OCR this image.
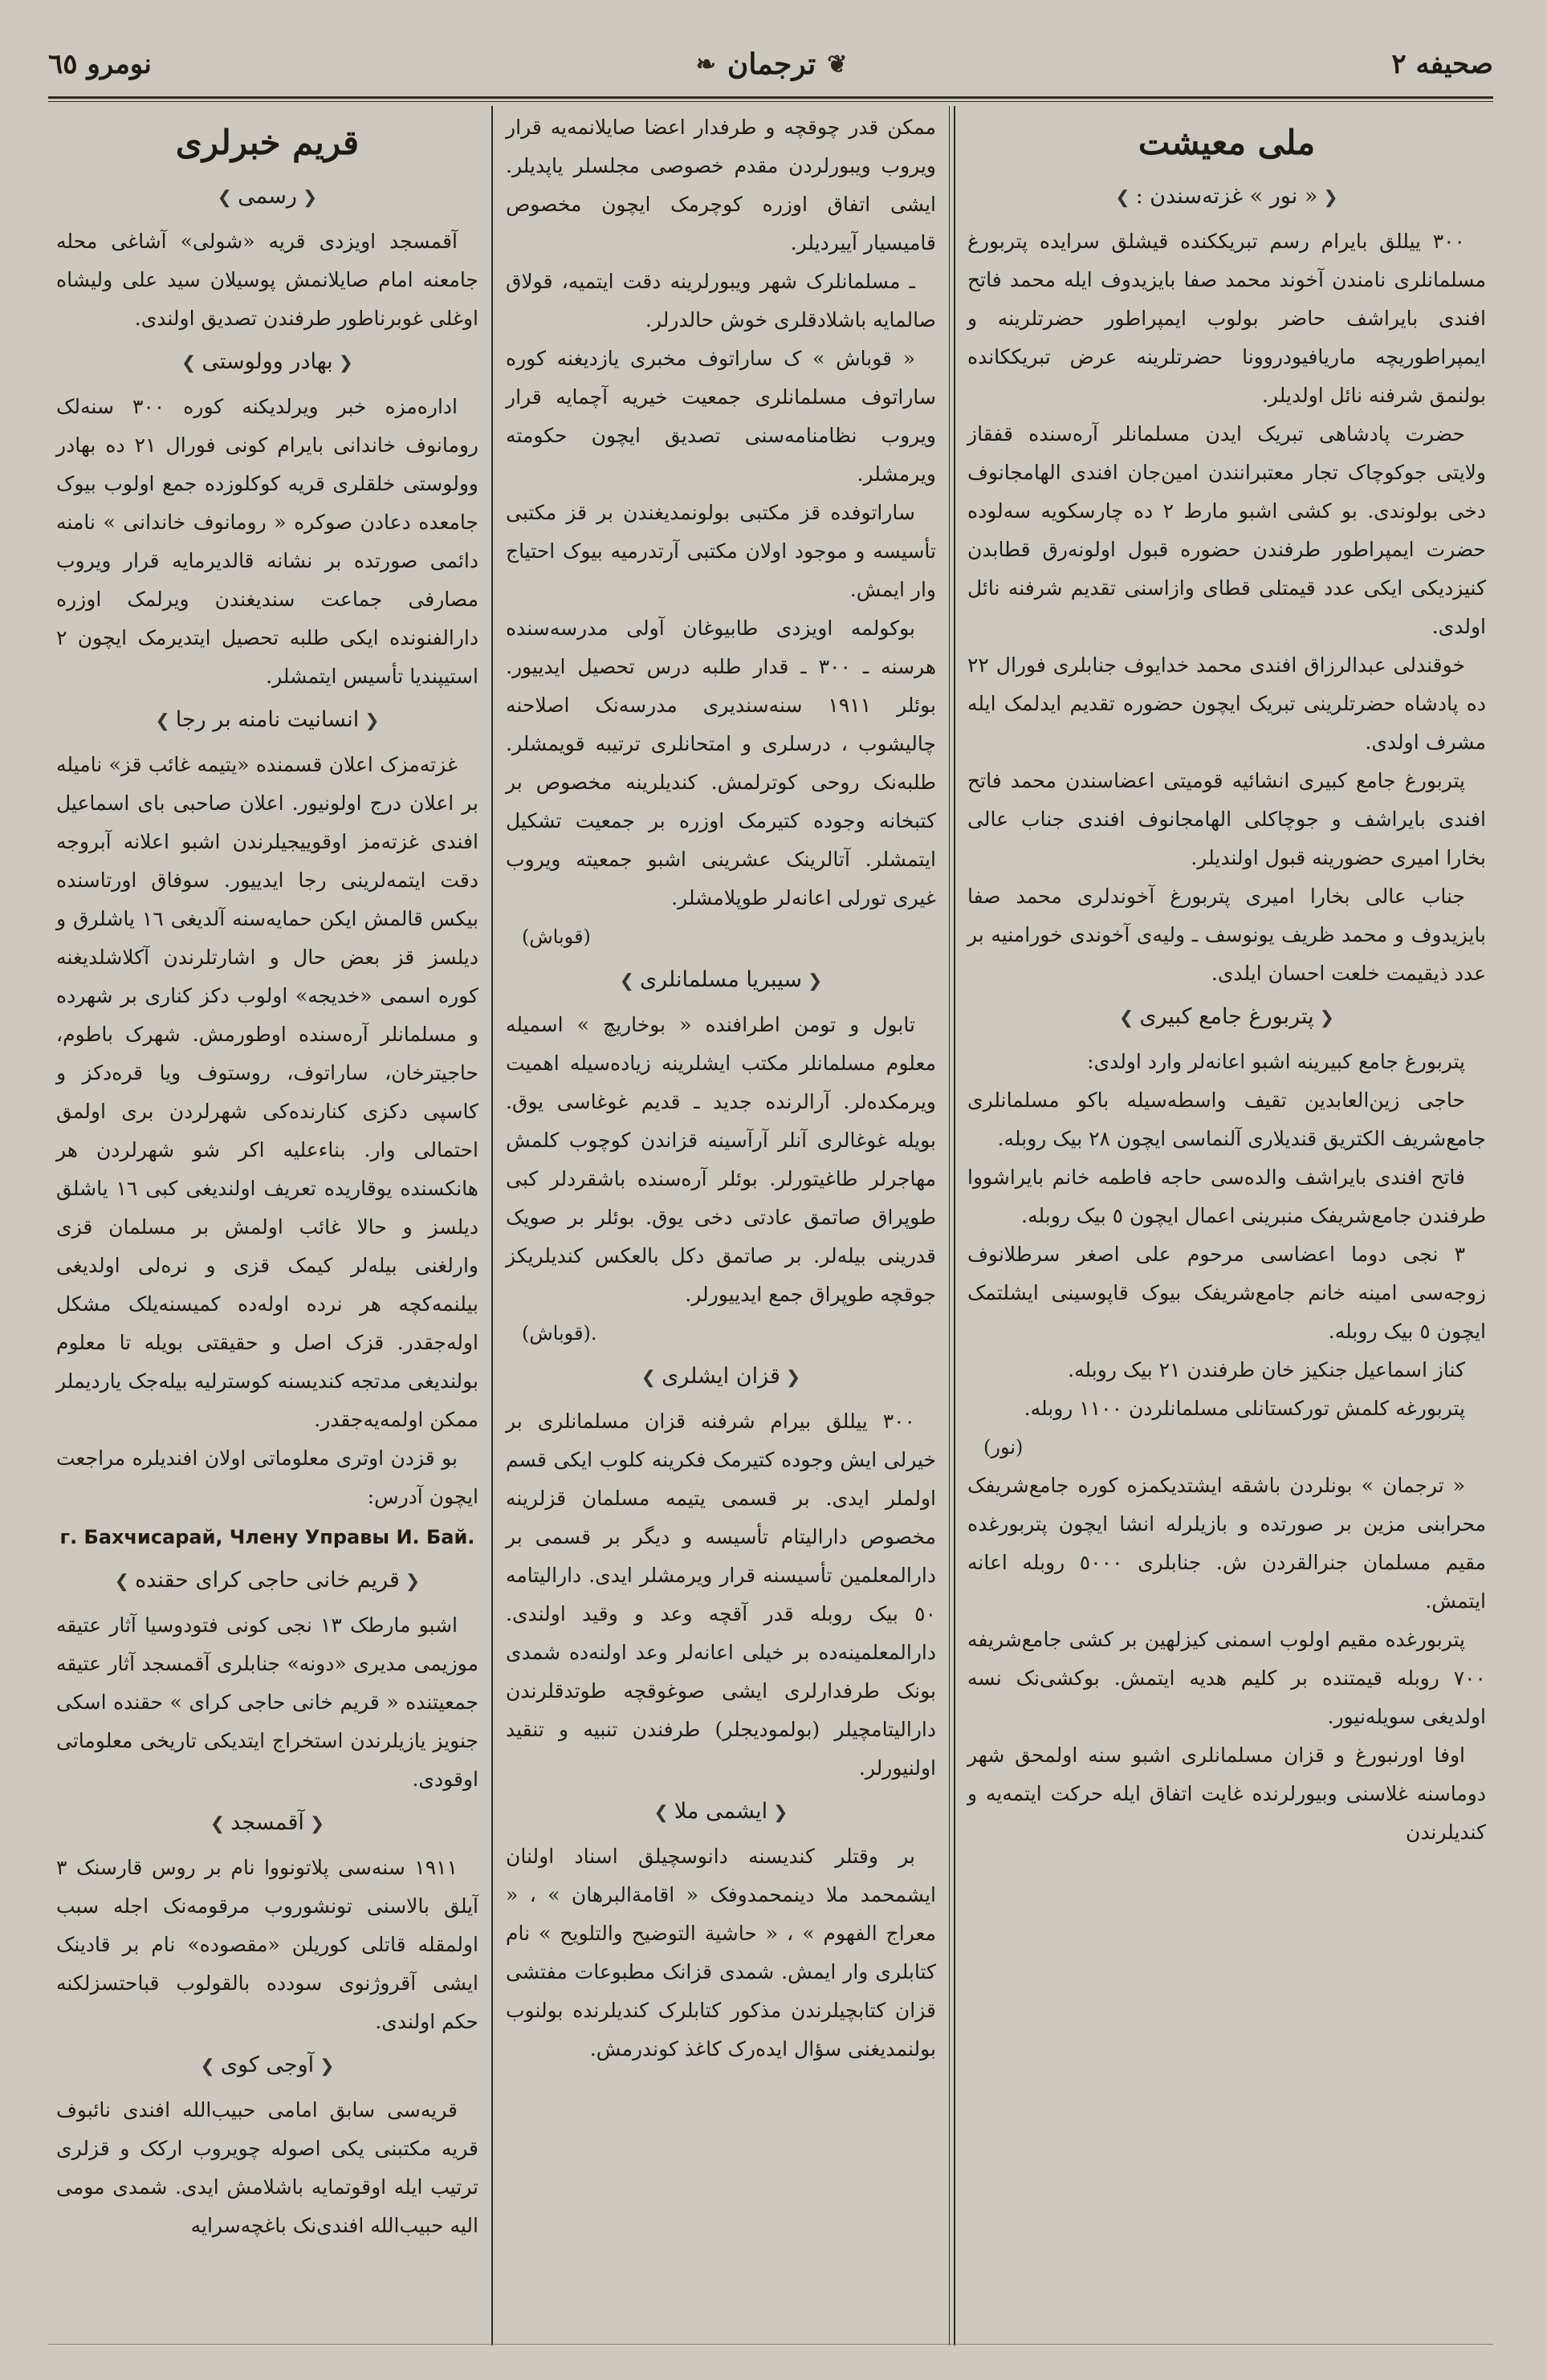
صحیفه ۲
❦
ترجمان
❧
نومرو ٦٥
ملی معیشت
❮ « نور » غزته‌سندن : ❯

۳۰۰ ییللق بایرام رسم تبریککنده قیشلق سرایده پتربورغ مسلمانلری نامندن آخوند محمد صفا بایزیدوف ایله محمد فاتح افندی بایراشف حاضر بولوب ایمپراطور حضرتلرینه و ایمپراطوریچه ماریافیودروونا حضرتلرینه عرض تبریککانده بولنمق شرفنه نائل اولدیلر.

حضرت پادشاهی تبریک ایدن مسلمانلر آره‌سنده قفقاز ولایتی جوکوچاک تجار معتبرانندن امین‌جان افندی الهامجانوف دخی بولوندی. بو کشی اشبو مارط ۲ ده چارسکویه سه‌لوده حضرت ایمپراطور طرفندن حضوره قبول اولونه‌رق قطابدن کنیزدیکی ایکی عدد قیمتلی قطای وازاسنی تقدیم شرفنه نائل اولدی.

خوقندلی عبدالرزاق افندی محمد خدایوف جنابلری فورال ۲۲ ده پادشاه حضرتلرینی تبریک ایچون حضوره تقدیم ایدلمک ایله مشرف اولدی.

پتربورغ جامع کبیری انشائیه قومیتی اعضاسندن محمد فاتح افندی بایراشف و جوچاکلی الهامجانوف افندی جناب عالی بخارا امیری حضورینه قبول اولندیلر.

جناب عالی بخارا امیری پتربورغ آخوندلری محمد صفا بایزیدوف و محمد ظریف یونوسف ـ ولیه‌ی آخوندی خورامنیه بر عدد ذیقیمت خلعت احسان ایلدی.

❮ پتربورغ جامع کبیری ❯

پتربورغ جامع کبیرینه اشبو اعانه‌لر وارد اولدی:

حاجی زین‌العابدین تقیف واسطه‌سیله باکو مسلمانلری جامع‌شریف الکتریق قندیلاری آلنماسی ایچون ۲۸ بیک روبله.

فاتح افندی بایراشف والده‌سی حاجه فاطمه خانم بایراشووا طرفندن جامع‌شریفک منبرینی اعمال ایچون ٥ بیک روبله.

۳ نجی دوما اعضاسی مرحوم علی اصغر سرطلانوف زوجه‌سی امینه خانم جامع‌شریفک بیوک قاپوسینی ایشلتمک ایچون ٥ بیک روبله.

کناز اسماعیل جنکیز خان طرفندن ۲۱ بیک روبله.

پتربورغه کلمش تورکستانلی مسلمانلردن ۱۱۰۰ روبله.

(نور)

« ترجمان » بونلردن باشقه ایشتدیکمزه کوره جامع‌شریفک محرابنی مزین بر صورتده و بازیلرله انشا ایچون پتربورغده مقیم مسلمان جنرالقردن ش. جنابلری ٥۰۰۰ روبله اعانه ایتمش.

پتربورغده مقیم اولوب اسمنی کیزلهین بر کشی جامع‌شریفه ۷۰۰ روبله قیمتنده بر کلیم هدیه ایتمش. بوکشی‌نک نسه اولدیغی سویله‌نیور.

اوفا اورنبورغ و قزان مسلمانلری اشبو سنه اولمحق شهر دوماسنه غلاسنی وبیورلرنده غایت اتفاق ایله حرکت ایتمه‌یه و کندیلرندن

ممکن قدر چوقچه و طرفدار اعضا صایلانمه‌یه قرار ویروب ویبورلردن مقدم خصوصی مجلسلر یاپدیلر. ایشی اتفاق اوزره کوچرمک ایچون مخصوص قامیسیار آییردیلر.

ـ مسلمانلرک شهر ویبورلرینه دقت ایتمیه، قولاق صالمایه باشلادقلری خوش حالدرلر.

« قوباش » ک ساراتوف مخبری یازدیغنه کوره ساراتوف مسلمانلری جمعیت خیریه آچمایه قرار ویروب نظامنامه‌سنی تصدیق ایچون حکومته ویرمشلر.

ساراتوفده قز مکتبی بولونمدیغندن بر قز مکتبی تأسیسه و موجود اولان مکتبی آرتدرمیه بیوک احتیاج وار ایمش.

بوکولمه اویزدی طابیوغان آولی مدرسه‌سنده هرسنه ـ ۳۰۰ ـ قدار طلبه درس تحصیل ایدییور. بوئلر ۱۹۱۱ سنه‌سندیری مدرسه‌نک اصلاحنه چالیشوب ، درسلری و امتحانلری ترتیبه قویمشلر. طلبه‌نک روحی کوترلمش. کندیلرینه مخصوص بر کتبخانه وجوده کتیرمک اوزره بر جمعیت تشکیل ایتمشلر. آتالرینک عشرینی اشبو جمعیته ویروب غیری تورلی اعانه‌لر طوپلامشلر.

(قوباش)

❮ سیبریا مسلمانلری ❯

تابول و تومن اطرافنده « بوخاریچ » اسمیله معلوم مسلمانلر مکتب ایشلرینه زیاده‌سیله اهمیت ویرمکده‌لر. آرالرنده جدید ـ قدیم غوغاسی یوق. بویله غوغالری آنلر آرآسینه قزاندن کوچوب کلمش مهاجرلر طاغیتورلر. بوئلر آره‌سنده باشقردلر کبی طوپراق صاتمق عادتی دخی یوق. بوئلر بر صویک قدرینی بیله‌لر. بر صاتمق دکل بالعکس کندیلریکز جوقچه طوپراق جمع ایدییورلر.

(قوباش).

❮ قزان ایشلری ❯

۳۰۰ ییللق بیرام شرفنه قزان مسلمانلری بر خیرلی ایش وجوده کتیرمک فکرینه کلوب ایکی قسم اولملر ایدی. بر قسمی یتیمه مسلمان قزلرینه مخصوص دارالیتام تأسیسه و دیگر بر قسمی بر دارالمعلمین تأسیسنه قرار ویرمشلر ایدی. دارالیتامه ٥۰ بیک روبله قدر آقچه وعد و وقید اولندی. دارالمعلمینه‌ده بر خیلی اعانه‌لر وعد اولنه‌ده شمدی بونک طرفدارلری ایشی صوغوقچه طوتدقلرندن دارالیتامچیلر (بولمودیجلر) طرفندن تنبیه و تنقید اولنیورلر.

❮ ایشمی ملا ❯

بر وقتلر کندیسنه دانوسچیلق اسناد اولنان ایشمحمد ملا دینمحمدوفک « اقامة‌البرهان » ، « معراج الفهوم » ، « حاشیة التوضیح والتلویح » نام کتابلری وار ایمش. شمدی قزانک مطبوعات مفتشی قزان کتابچیلرندن مذکور کتابلرک کندیلرنده بولنوب بولنمدیغنی سؤال ایدەرک کاغذ کوندرمش.

قریم خبرلری
❮ رسمی ❯

آقمسجد اویزدی قریه «شولی» آشاغی محله جامعنه امام صایلانمش پوسیلان سید علی ولیشاه اوغلی غوبرناطور طرفندن تصدیق اولندی.

❮ بهادر وولوستی ❯

ادارەمزه خبر ویرلدیکنه کوره ۳۰۰ سنه‌لک رومانوف خاندانی بایرام کونی فورال ۲۱ ده بهادر وولوستی خلقلری قریه کوکلوزده جمع اولوب بیوک جامعده دعادن صوکره « رومانوف خاندانی » نامنه دائمی صورتده بر نشانه قالدیرمایه قرار ویروب مصارفی جماعت سندیغندن ویرلمک اوزره دارالفنونده ایکی طلبه تحصیل ایتدیرمک ایچون ۲ استیپندیا تأسیس ایتمشلر.

❮ انسانیت نامنه بر رجا ❯

غزته‌مزک اعلان قسمنده «یتیمه غائب قز» نامیله بر اعلان درج اولونیور. اعلان صاحبی بای اسماعیل افندی غزته‌مز اوقوییجیلرندن اشبو اعلانه آبروجه دقت ایتمەلرینی رجا ایدییور. سوفاق اورتاسنده بیکس قالمش ایکن حمایه‌سنه آلدیغی ۱٦ یاشلرق و دیلسز قز بعض حال و اشارتلرندن آکلاشلدیغنه کوره اسمی «خدیجه» اولوب دکز کنارى بر شهرده و مسلمانلر آره‌سنده اوطورمش. شهرک باطوم، حاجیترخان، ساراتوف، روستوف ویا قره‌دکز و کاسپی دکزی کنارنده‌کی شهرلردن بری اولمق احتمالی وار. بناءعلیه اکر شو شهرلردن هر هانکسنده یوقاریده تعریف اولندیغی کبی ۱٦ یاشلق دیلسز و حالا غائب اولمش بر مسلمان قزی وارلغنی بیلەلر کیمک قزی و نرەلی اولدیغی بیلنمه‌کچه هر نرده اولەده کمیسنه‌یلک مشکل اوله‌جقدر. قزک اصل و حقیقتی بویله تا معلوم بولندیغی مدتجه کندیسنه کوسترلیه بیلەجک یاردیملر ممکن اولمەیه‌جقدر.

بو قزدن اوتری معلوماتی اولان افندیلرە مراجعت ایچون آدرس:

г. Бахчисарай, Члену Управы И. Бай.

❮ قریم خانی حاجی کرای حقنده ❯

اشبو مارطک ۱۳ نجی کونی فتودوسیا آثار عتیقه موزیمی مدیری «دونه» جنابلری آقمسجد آثار عتیقه جمعیتنده « قریم خانی حاجی کرای » حقنده اسکی جنویز یازیلرندن استخراج ایتدیکی تاریخی معلوماتی اوقودی.

❮ آقمسجد ❯

۱۹۱۱ سنه‌سی پلاتونووا نام بر روس قارسنک ۳ آیلق بالاسنی تونشوروب مرقومه‌نک اجله سبب اولمقله قاتلی کوریلن «مقصوده» نام بر قادینک ایشی آقروژنوی سودده بالقولوب قباحتسزلکنه حکم اولندی.

❮ آوجی کوی ❯

قریه‌سی سابق امامی حبیب‌الله افندی نائبوف قریه مکتبنی یکی اصوله چویروب ارکک و قزلری ترتیب ایله اوقوتمایه باشلامش ایدی. شمدی مومی الیه حبیب‌الله افندی‌نک باغچه‌سرایه
